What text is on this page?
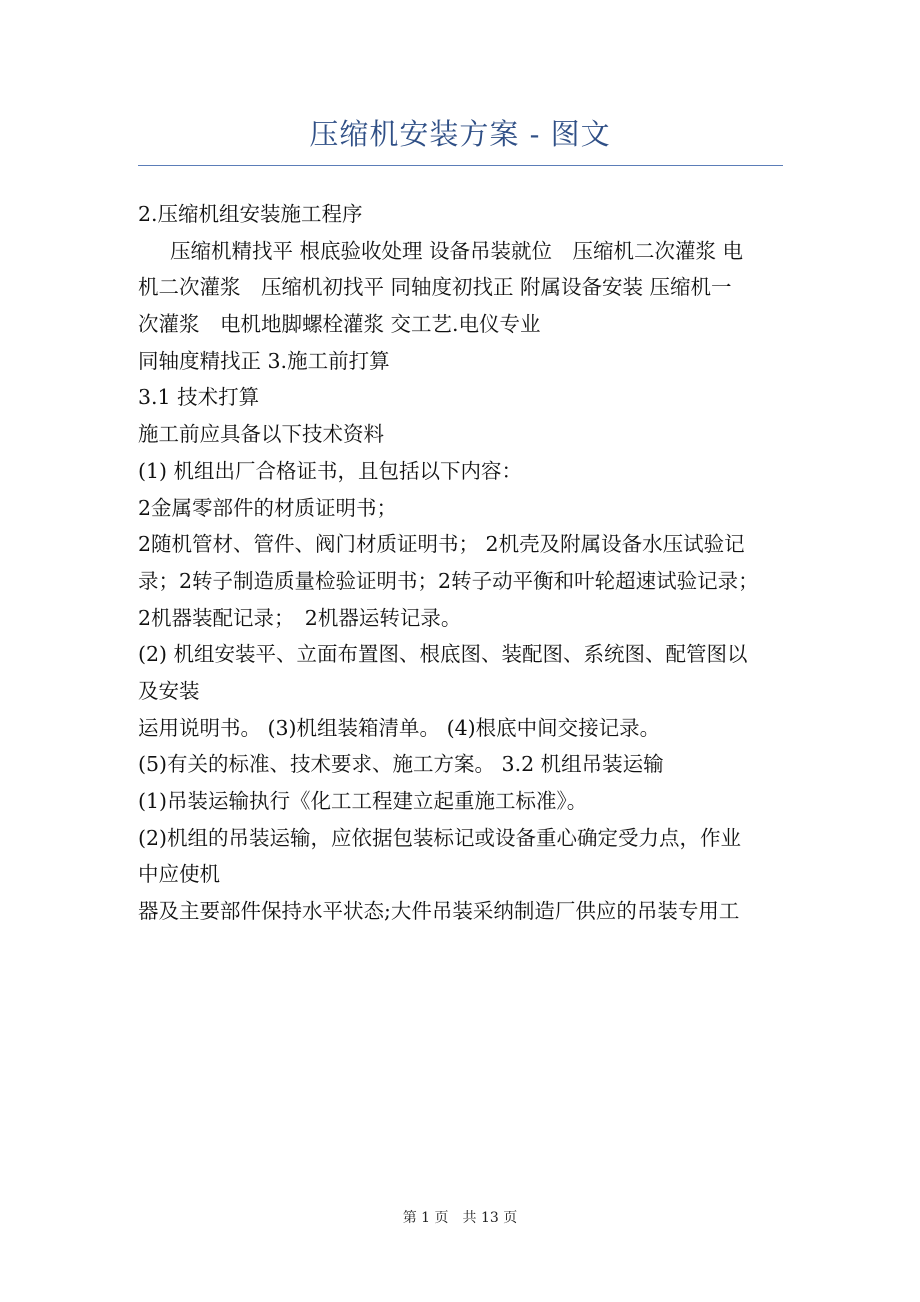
压缩机安装方案 - 图文
2.压缩机组安装施工程序
压缩机精找平 根底验收处理 设备吊装就位　压缩机二次灌浆 电
机二次灌浆　压缩机初找平 同轴度初找正 附属设备安装 压缩机一
次灌浆　电机地脚螺栓灌浆 交工艺.电仪专业
同轴度精找正 3.施工前打算
3.1 技术打算
施工前应具备以下技术资料
(1) 机组出厂合格证书，且包括以下内容：
2金属零部件的材质证明书；
2随机管材、管件、阀门材质证明书； 2机壳及附属设备水压试验记
录；2转子制造质量检验证明书；2转子动平衡和叶轮超速试验记录；
2机器装配记录；　2机器运转记录。
(2) 机组安装平、立面布置图、根底图、装配图、系统图、配管图以
及安装
运用说明书。 (3)机组装箱清单。 (4)根底中间交接记录。
(5)有关的标准、技术要求、施工方案。 3.2 机组吊装运输
(1)吊装运输执行《化工工程建立起重施工标准》。
(2)机组的吊装运输，应依据包装标记或设备重心确定受力点，作业
中应使机
器及主要部件保持水平状态;大件吊装采纳制造厂供应的吊装专用工
第 1 页　共 13 页
